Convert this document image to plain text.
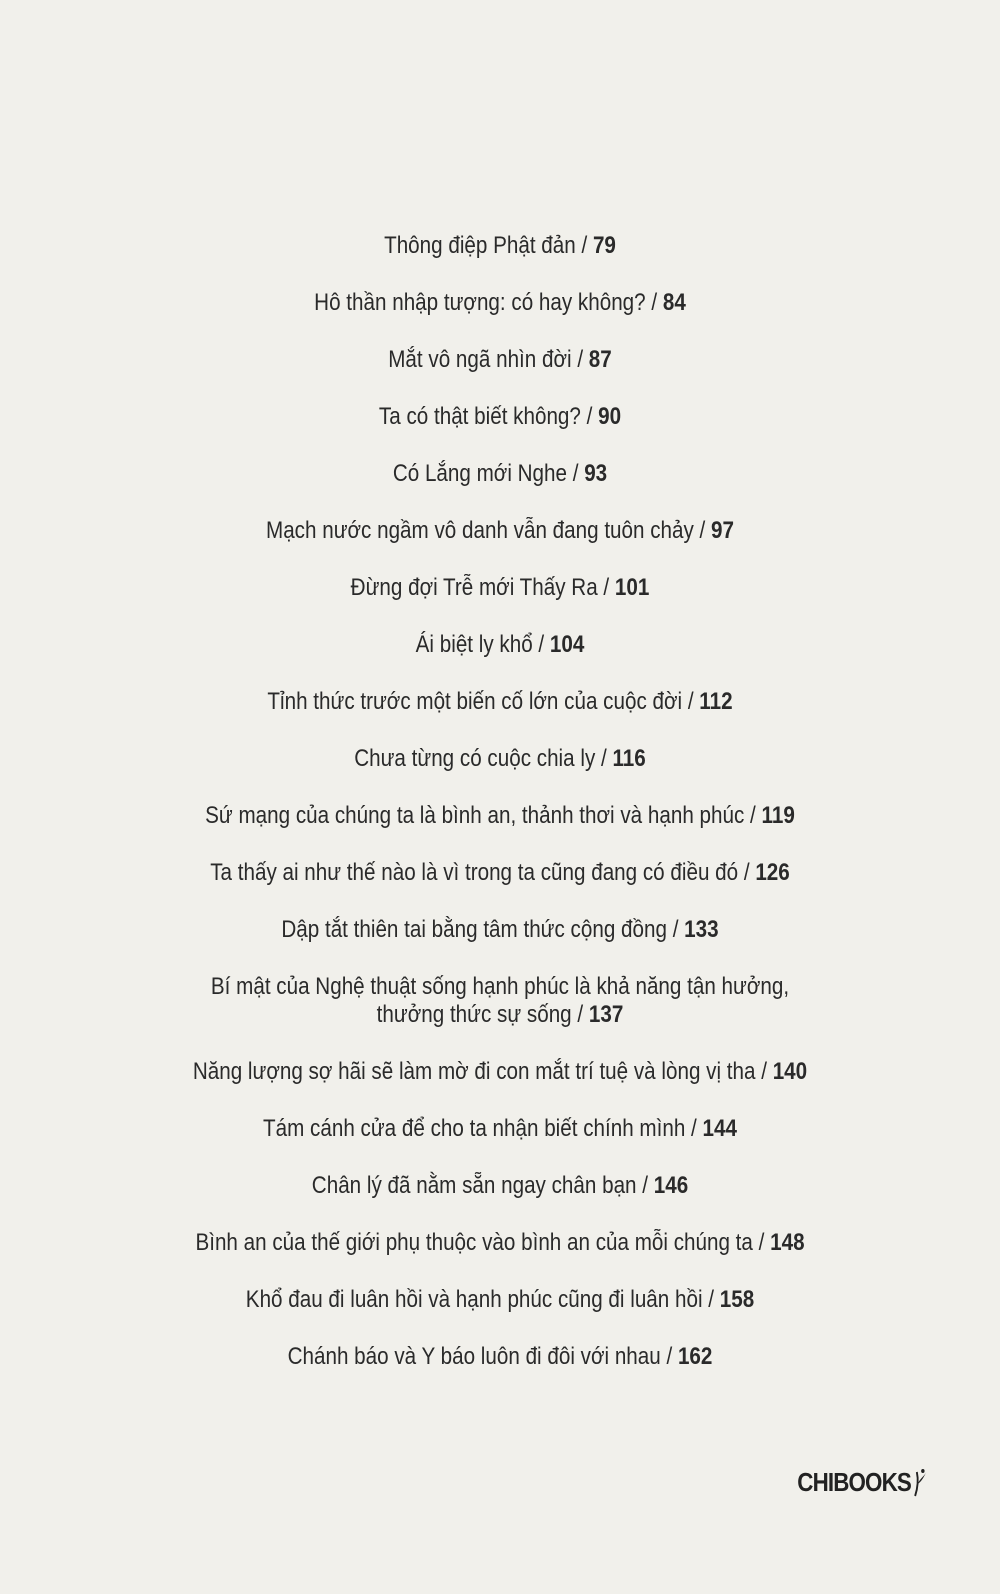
Thông điệp Phật đản / 79
Hô thần nhập tượng: có hay không? / 84
Mắt vô ngã nhìn đời / 87
Ta có thật biết không? / 90
Có Lắng mới Nghe / 93
Mạch nước ngầm vô danh vẫn đang tuôn chảy / 97
Đừng đợi Trễ mới Thấy Ra / 101
Ái biệt ly khổ / 104
Tỉnh thức trước một biến cố lớn của cuộc đời / 112
Chưa từng có cuộc chia ly / 116
Sứ mạng của chúng ta là bình an, thảnh thơi và hạnh phúc / 119
Ta thấy ai như thế nào là vì trong ta cũng đang có điều đó / 126
Dập tắt thiên tai bằng tâm thức cộng đồng / 133
Bí mật của Nghệ thuật sống hạnh phúc là khả năng tận hưởng,
thưởng thức sự sống / 137
Năng lượng sợ hãi sẽ làm mờ đi con mắt trí tuệ và lòng vị tha / 140
Tám cánh cửa để cho ta nhận biết chính mình / 144
Chân lý đã nằm sẵn ngay chân bạn / 146
Bình an của thế giới phụ thuộc vào bình an của mỗi chúng ta / 148
Khổ đau đi luân hồi và hạnh phúc cũng đi luân hồi / 158
Chánh báo và Y báo luôn đi đôi với nhau / 162
CHIBOOKS
